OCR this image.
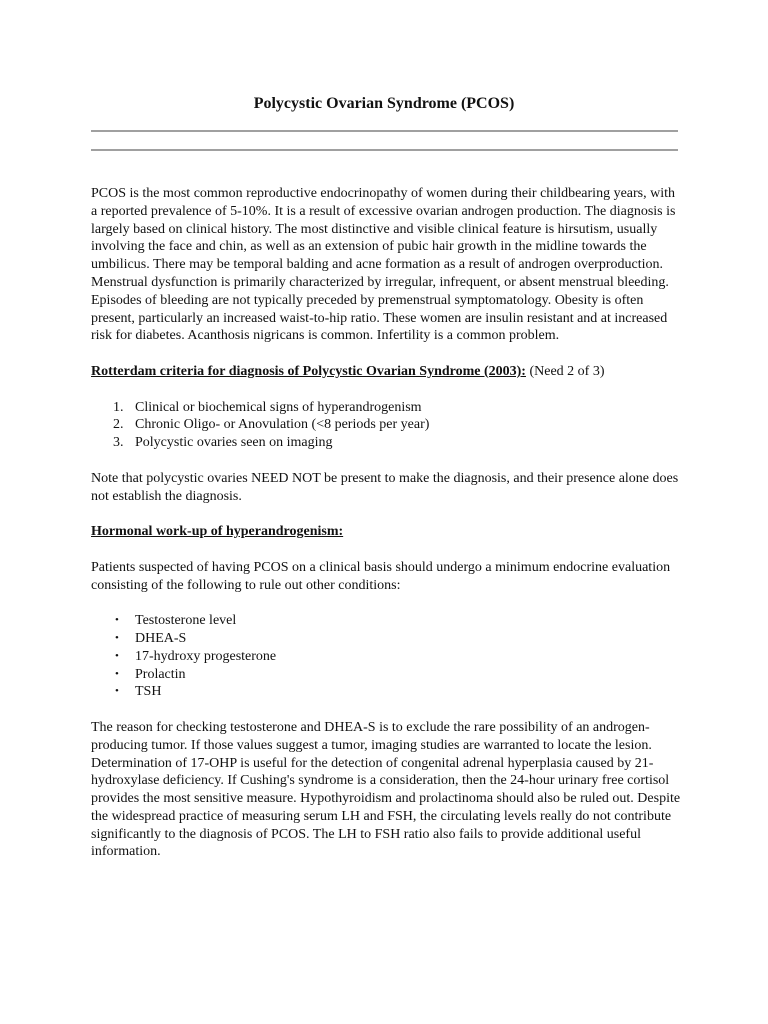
Polycystic Ovarian Syndrome (PCOS)

PCOS is the most common reproductive endocrinopathy of women during their childbearing years, with a reported prevalence of 5-10%. It is a result of excessive ovarian androgen production. The diagnosis is largely based on clinical history. The most distinctive and visible clinical feature is hirsutism, usually involving the face and chin, as well as an extension of pubic hair growth in the midline towards the umbilicus. There may be temporal balding and acne formation as a result of androgen overproduction. Menstrual dysfunction is primarily characterized by irregular, infrequent, or absent menstrual bleeding. Episodes of bleeding are not typically preceded by premenstrual symptomatology. Obesity is often present, particularly an increased waist-to-hip ratio. These women are insulin resistant and at increased risk for diabetes. Acanthosis nigricans is common. Infertility is a common problem.

Rotterdam criteria for diagnosis of Polycystic Ovarian Syndrome (2003): (Need 2 of 3)

1. Clinical or biochemical signs of hyperandrogenism
2. Chronic Oligo- or Anovulation (<8 periods per year)
3. Polycystic ovaries seen on imaging

Note that polycystic ovaries NEED NOT be present to make the diagnosis, and their presence alone does not establish the diagnosis.

Hormonal work-up of hyperandrogenism:

Patients suspected of having PCOS on a clinical basis should undergo a minimum endocrine evaluation consisting of the following to rule out other conditions:

• Testosterone level
• DHEA-S
• 17-hydroxy progesterone
• Prolactin
• TSH

The reason for checking testosterone and DHEA-S is to exclude the rare possibility of an androgen-producing tumor. If those values suggest a tumor, imaging studies are warranted to locate the lesion. Determination of 17-OHP is useful for the detection of congenital adrenal hyperplasia caused by 21-hydroxylase deficiency. If Cushing's syndrome is a consideration, then the 24-hour urinary free cortisol provides the most sensitive measure. Hypothyroidism and prolactinoma should also be ruled out. Despite the widespread practice of measuring serum LH and FSH, the circulating levels really do not contribute significantly to the diagnosis of PCOS. The LH to FSH ratio also fails to provide additional useful information.
